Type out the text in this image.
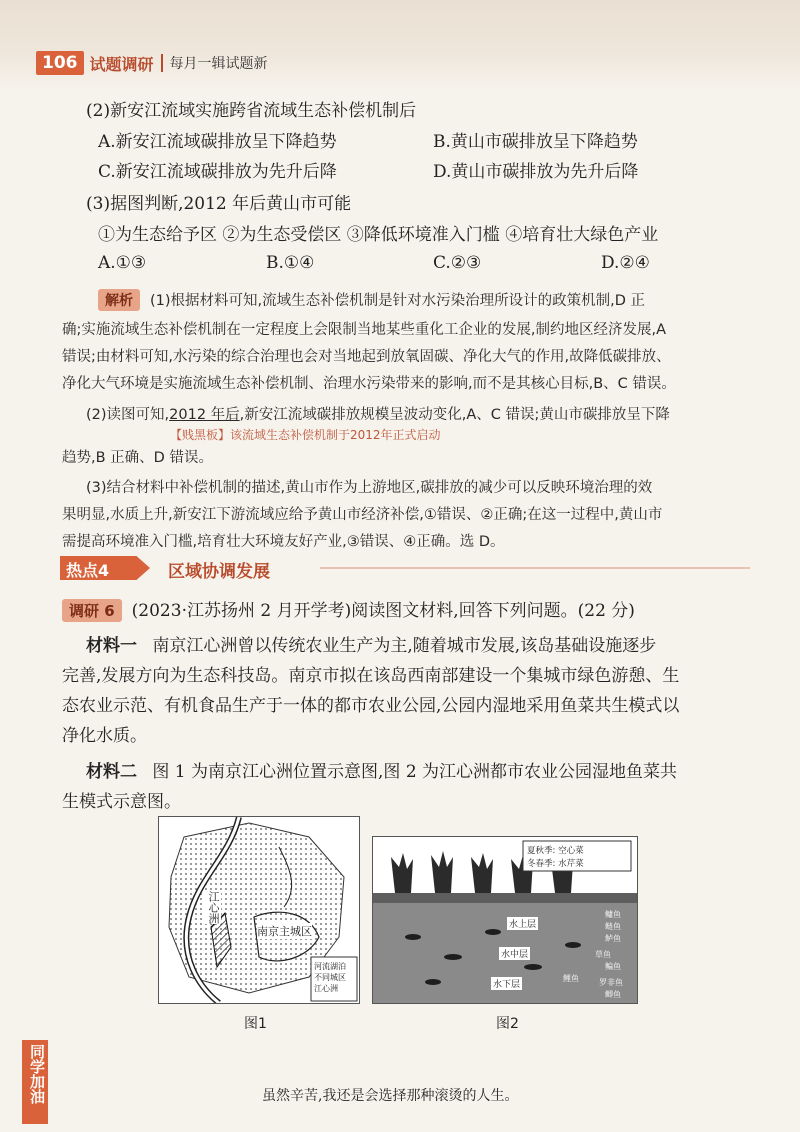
106 试题调研 每月一辑试题新
(2)新安江流域实施跨省流域生态补偿机制后
A.新安江流域碳排放呈下降趋势	B.黄山市碳排放呈下降趋势
C.新安江流域碳排放为先升后降	D.黄山市碳排放为先升后降
(3)据图判断,2012 年后黄山市可能
①为生态给予区 ②为生态受偿区 ③降低环境准入门槛 ④培育壮大绿色产业
A.①③	B.①④	C.②③	D.②④
解析 (1)根据材料可知,流域生态补偿机制是针对水污染治理所设计的政策机制,D 正
确;实施流域生态补偿机制在一定程度上会限制当地某些重化工企业的发展,制约地区经济发展,A
错误;由材料可知,水污染的综合治理也会对当地起到放氧固碳、净化大气的作用,故降低碳排放、
净化大气环境是实施流域生态补偿机制、治理水污染带来的影响,而不是其核心目标,B、C 错误。
(2)读图可知,2012 年后,新安江流域碳排放规模呈波动变化,A、C 错误;黄山市碳排放呈下降
【贱黑板】该流域生态补偿机制于2012年正式启动
趋势,B 正确、D 错误。
(3)结合材料中补偿机制的描述,黄山市作为上游地区,碳排放的减少可以反映环境治理的效
果明显,水质上升,新安江下游流域应给予黄山市经济补偿,①错误、②正确;在这一过程中,黄山市
需提高环境准入门槛,培育壮大环境友好产业,③错误、④正确。选 D。
热点4	区域协调发展
调研 6 (2023·江苏扬州 2 月开学考)阅读图文材料,回答下列问题。(22 分)
材料一 南京江心洲曾以传统农业生产为主,随着城市发展,该岛基础设施逐步
完善,发展方向为生态科技岛。南京市拟在该岛西南部建设一个集城市绿色游憩、生
态农业示范、有机食品生产于一体的都市农业公园,公园内湿地采用鱼菜共生模式以
净化水质。
材料二 图 1 为南京江心洲位置示意图,图 2 为江心洲都市农业公园湿地鱼菜共
生模式示意图。
江心洲
南京主城区
河流湖泊 不同城区 江心洲
图1
夏秋季: 空心菜
冬春季: 水芹菜
水上层
水中层
水下层
鳙鱼
鲢鱼
鲈鱼
草鱼
鳊鱼
鲤鱼	罗非鱼
鲫鱼
图2
同学加油	虽然辛苦,我还是会选择那种滚烫的人生。
